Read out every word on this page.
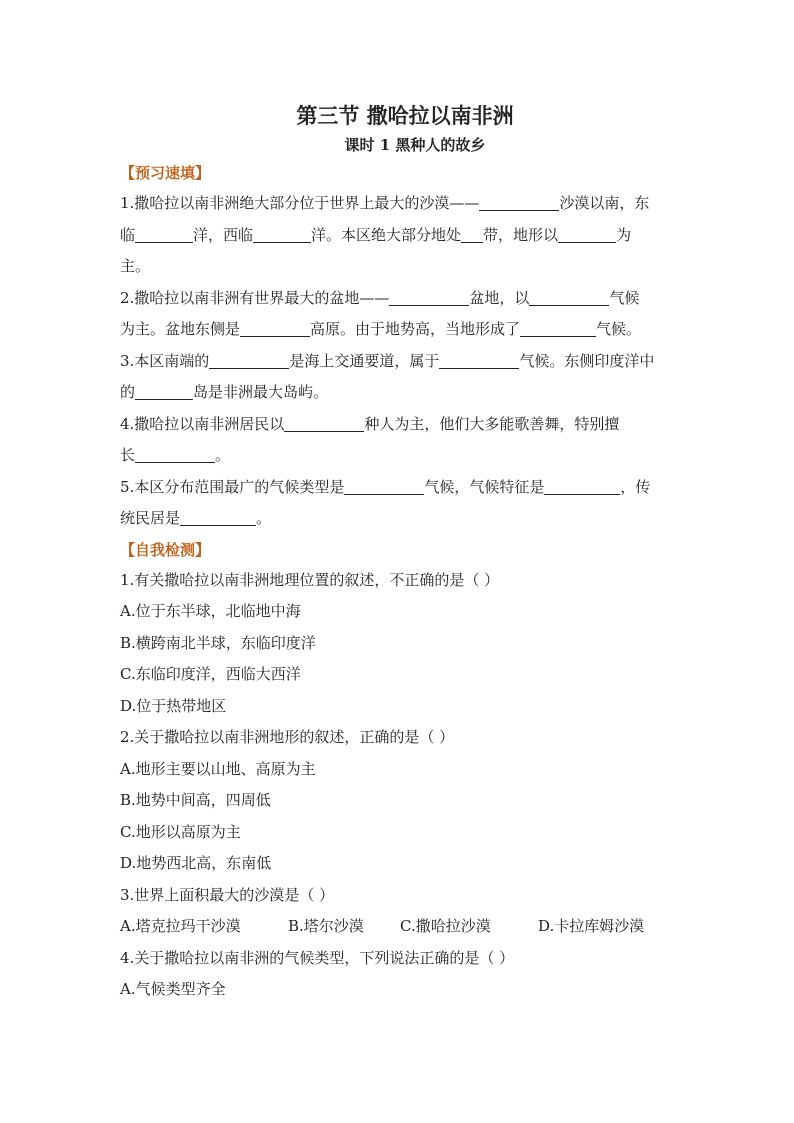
第三节 撒哈拉以南非洲
课时 1 黑种人的故乡
【预习速填】
1.撒哈拉以南非洲绝大部分位于世界上最大的沙漠——	沙漠以南，东
临	洋，西临	洋。本区绝大部分地处 带，地形以	为
主。
2.撒哈拉以南非洲有世界最大的盆地——	盆地，以	气候
为主。盆地东侧是	高原。由于地势高，当地形成了	气候。
3.本区南端的	是海上交通要道，属于	气候。东侧印度洋中
的	岛是非洲最大岛屿。
4.撒哈拉以南非洲居民以	种人为主，他们大多能歌善舞，特别擅
长	。
5.本区分布范围最广的气候类型是	气候，气候特征是	，传
统民居是	。
【自我检测】
1.有关撒哈拉以南非洲地理位置的叙述，不正确的是（ ）
A.位于东半球，北临地中海
B.横跨南北半球，东临印度洋
C.东临印度洋，西临大西洋
D.位于热带地区
2.关于撒哈拉以南非洲地形的叙述，正确的是（ ）
A.地形主要以山地、高原为主
B.地势中间高，四周低
C.地形以高原为主
D.地势西北高，东南低
3.世界上面积最大的沙漠是（ ）
A.塔克拉玛干沙漠	B.塔尔沙漠 C.撒哈拉沙漠	D.卡拉库姆沙漠
4.关于撒哈拉以南非洲的气候类型，下列说法正确的是（ ）
A.气候类型齐全
